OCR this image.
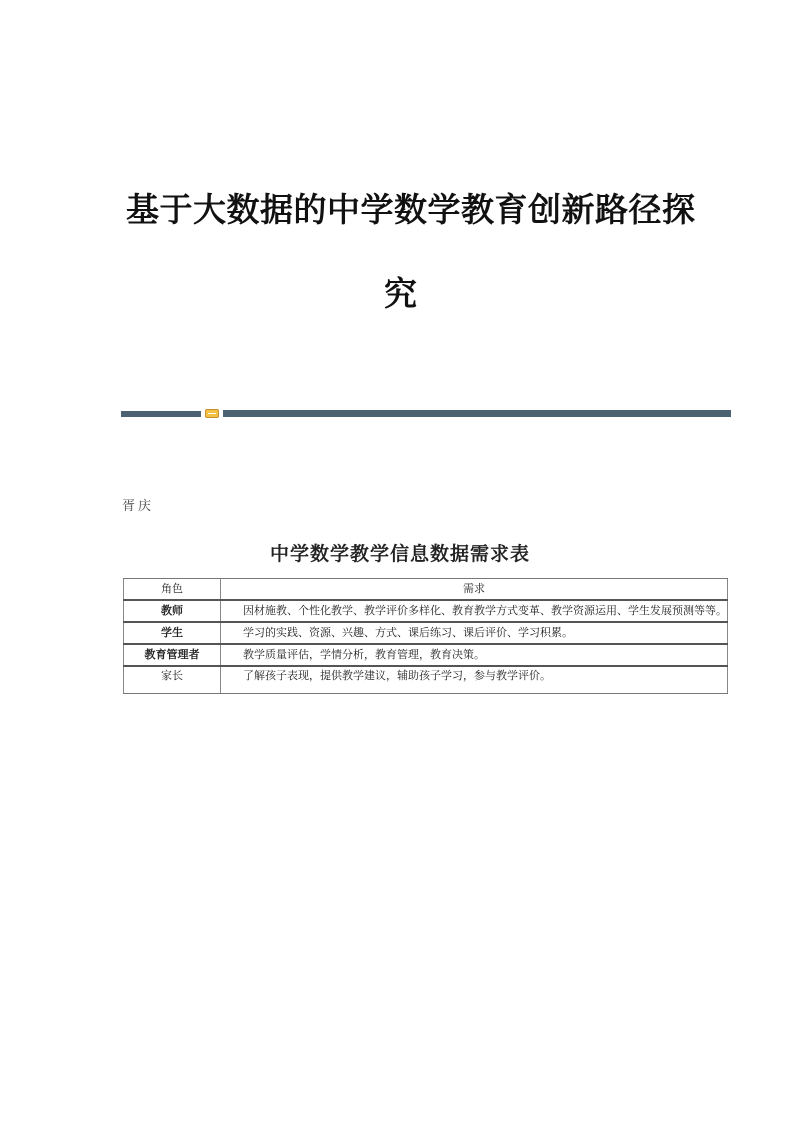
基于大数据的中学数学教育创新路径探
究
胥庆
中学数学教学信息数据需求表
角色	需求
教师	因材施教、个性化教学、教学评价多样化、教育教学方式变革、教学资源运用、学生发展预测等等。
学生	学习的实践、资源、兴趣、方式、课后练习、课后评价、学习积累。
教育管理者	教学质量评估，学情分析，教育管理，教育决策。
家长	了解孩子表现，提供教学建议，辅助孩子学习，参与教学评价。
